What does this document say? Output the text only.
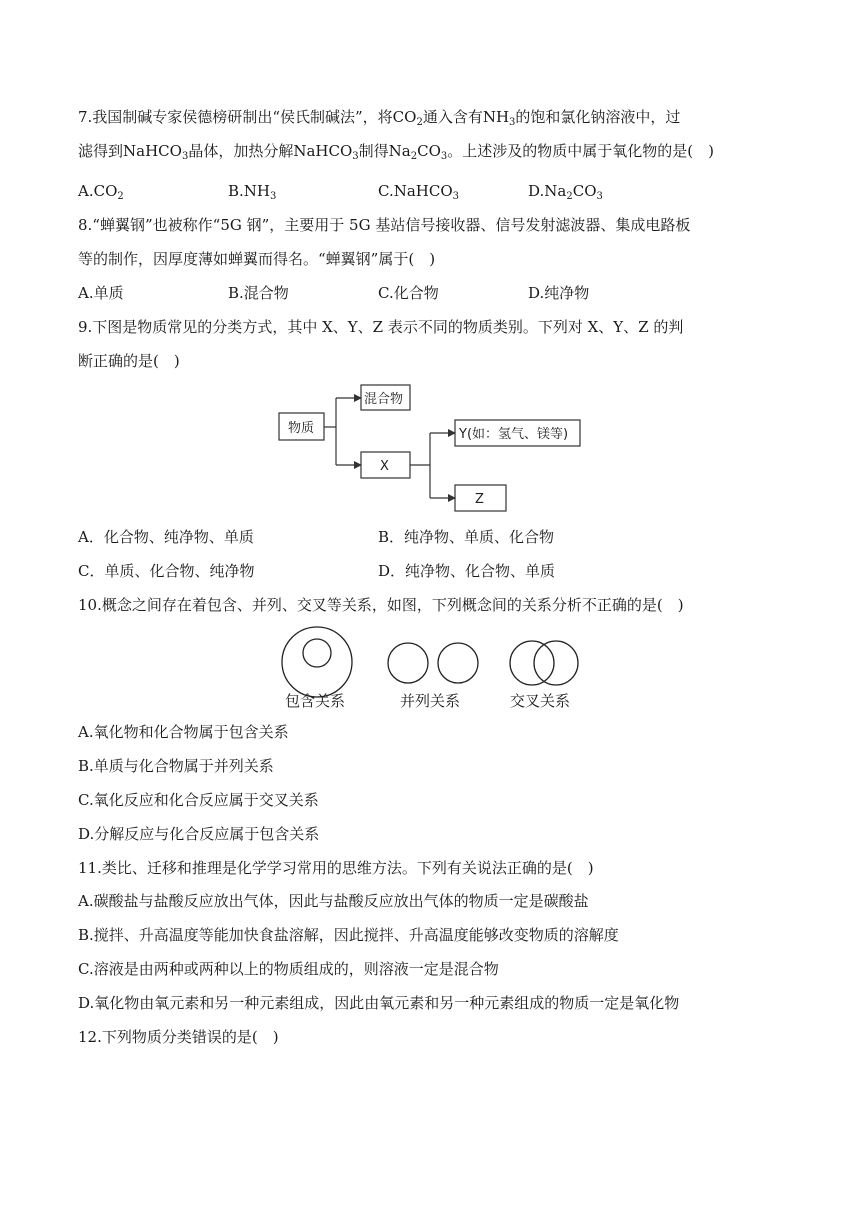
7.我国制碱专家侯德榜研制出“侯氏制碱法”，将$CO_2$通入含有$NH_3$的饱和氯化钠溶液中，过
滤得到NaHCO$_3$晶体，加热分解NaHCO$_3$制得$Na_2CO_3$。上述涉及的物质中属于氧化物的是(　)
$A.CO_2$	$B.NH_3$	C.NaHCO$_3$	$D.Na_2CO_3$
8.“蝉翼钢”也被称作“5G 钢”，主要用于 5G 基站信号接收器、信号发射滤波器、集成电路板
等的制作，因厚度薄如蝉翼而得名。“蝉翼钢”属于(　)
A.单质	B.混合物	C.化合物	D.纯净物
9.下图是物质常见的分类方式，其中 X、Y、Z 表示不同的物质类别。下列对 X、Y、Z 的判
断正确的是(　)
物质
混合物
X
Y(如：氢气、镁等)
Z
A．化合物、纯净物、单质	B．纯净物、单质、化合物
C．单质、化合物、纯净物	D．纯净物、化合物、单质
10.概念之间存在着包含、并列、交叉等关系，如图，下列概念间的关系分析不正确的是(　)
包含关系	并列关系	交叉关系
A.氧化物和化合物属于包含关系
B.单质与化合物属于并列关系
C.氧化反应和化合反应属于交叉关系
D.分解反应与化合反应属于包含关系
11.类比、迁移和推理是化学学习常用的思维方法。下列有关说法正确的是(　)
A.碳酸盐与盐酸反应放出气体，因此与盐酸反应放出气体的物质一定是碳酸盐
B.搅拌、升高温度等能加快食盐溶解，因此搅拌、升高温度能够改变物质的溶解度
C.溶液是由两种或两种以上的物质组成的，则溶液一定是混合物
D.氧化物由氧元素和另一种元素组成，因此由氧元素和另一种元素组成的物质一定是氧化物
12.下列物质分类错误的是(　)
